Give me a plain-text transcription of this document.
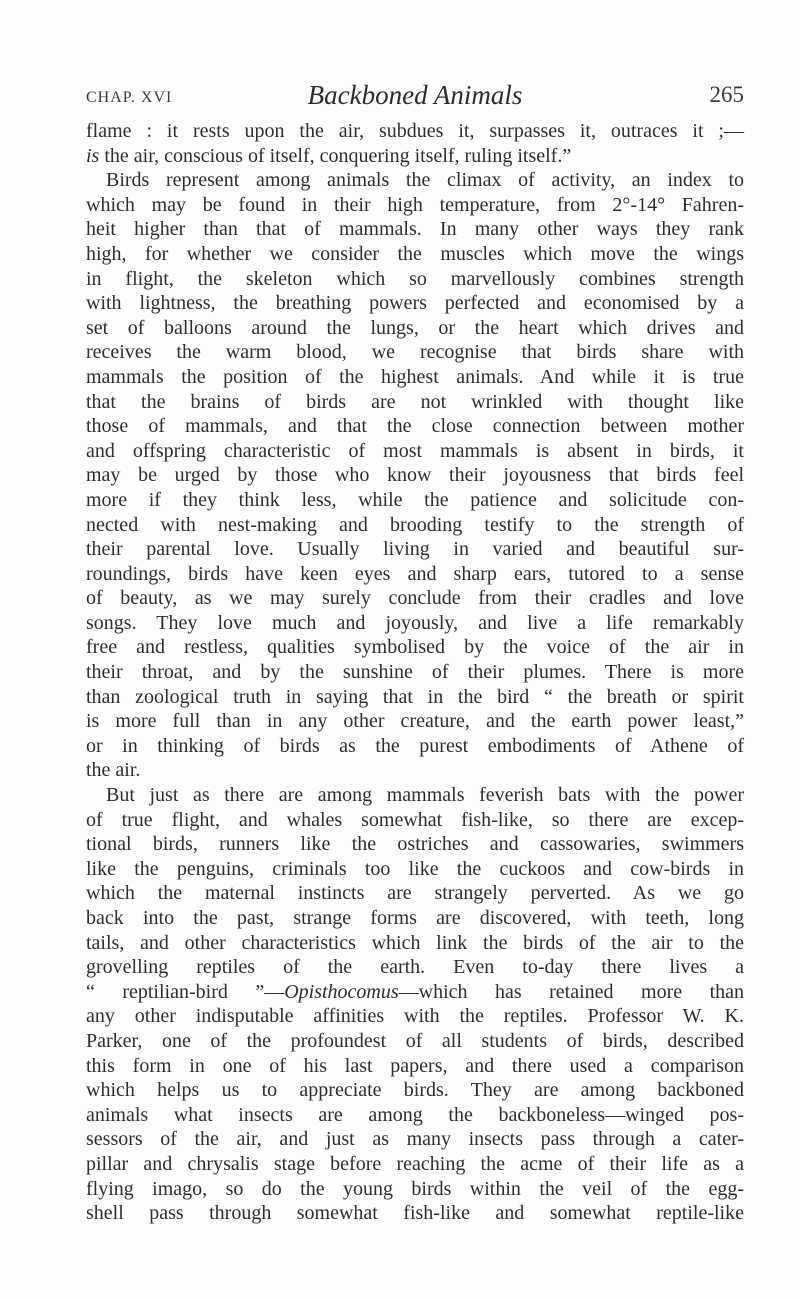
CHAP. XVI	Backboned Animals	265
flame : it rests upon the air, subdues it, surpasses it, outraces it ;—
is the air, conscious of itself, conquering itself, ruling itself.”
Birds represent among animals the climax of activity, an index to
which may be found in their high temperature, from 2°-14° Fahren-
heit higher than that of mammals. In many other ways they rank
high, for whether we consider the muscles which move the wings
in flight, the skeleton which so marvellously combines strength
with lightness, the breathing powers perfected and economised by a
set of balloons around the lungs, or the heart which drives and
receives the warm blood, we recognise that birds share with
mammals the position of the highest animals. And while it is true
that the brains of birds are not wrinkled with thought like
those of mammals, and that the close connection between mother
and offspring characteristic of most mammals is absent in birds, it
may be urged by those who know their joyousness that birds feel
more if they think less, while the patience and solicitude con-
nected with nest-making and brooding testify to the strength of
their parental love. Usually living in varied and beautiful sur-
roundings, birds have keen eyes and sharp ears, tutored to a sense
of beauty, as we may surely conclude from their cradles and love
songs. They love much and joyously, and live a life remarkably
free and restless, qualities symbolised by the voice of the air in
their throat, and by the sunshine of their plumes. There is more
than zoological truth in saying that in the bird “ the breath or spirit
is more full than in any other creature, and the earth power least,”
or in thinking of birds as the purest embodiments of Athene of
the air.
But just as there are among mammals feverish bats with the power
of true flight, and whales somewhat fish-like, so there are excep-
tional birds, runners like the ostriches and cassowaries, swimmers
like the penguins, criminals too like the cuckoos and cow-birds in
which the maternal instincts are strangely perverted. As we go
back into the past, strange forms are discovered, with teeth, long
tails, and other characteristics which link the birds of the air to the
grovelling reptiles of the earth. Even to-day there lives a
“ reptilian-bird ”—Opisthocomus—which has retained more than
any other indisputable affinities with the reptiles. Professor W. K.
Parker, one of the profoundest of all students of birds, described
this form in one of his last papers, and there used a comparison
which helps us to appreciate birds. They are among backboned
animals what insects are among the backboneless—winged pos-
sessors of the air, and just as many insects pass through a cater-
pillar and chrysalis stage before reaching the acme of their life as a
flying imago, so do the young birds within the veil of the egg-
shell pass through somewhat fish-like and somewhat reptile-like
